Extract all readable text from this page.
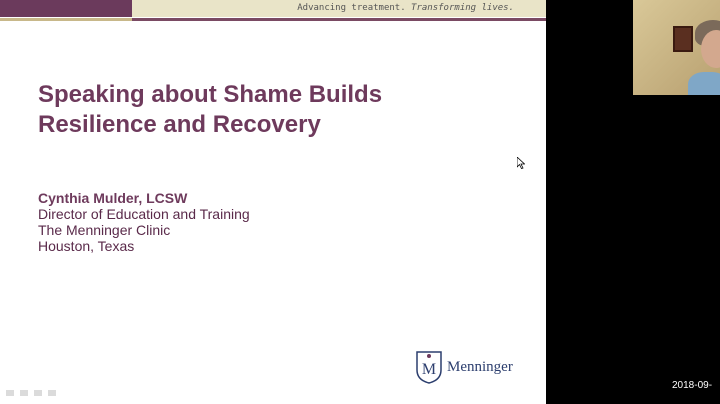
Advancing treatment. Transforming lives.
Speaking about Shame Builds
Resilience and Recovery
Cynthia Mulder, LCSW
Director of Education and Training
The Menninger Clinic
Houston, Texas
M Menninger
2018-09-
